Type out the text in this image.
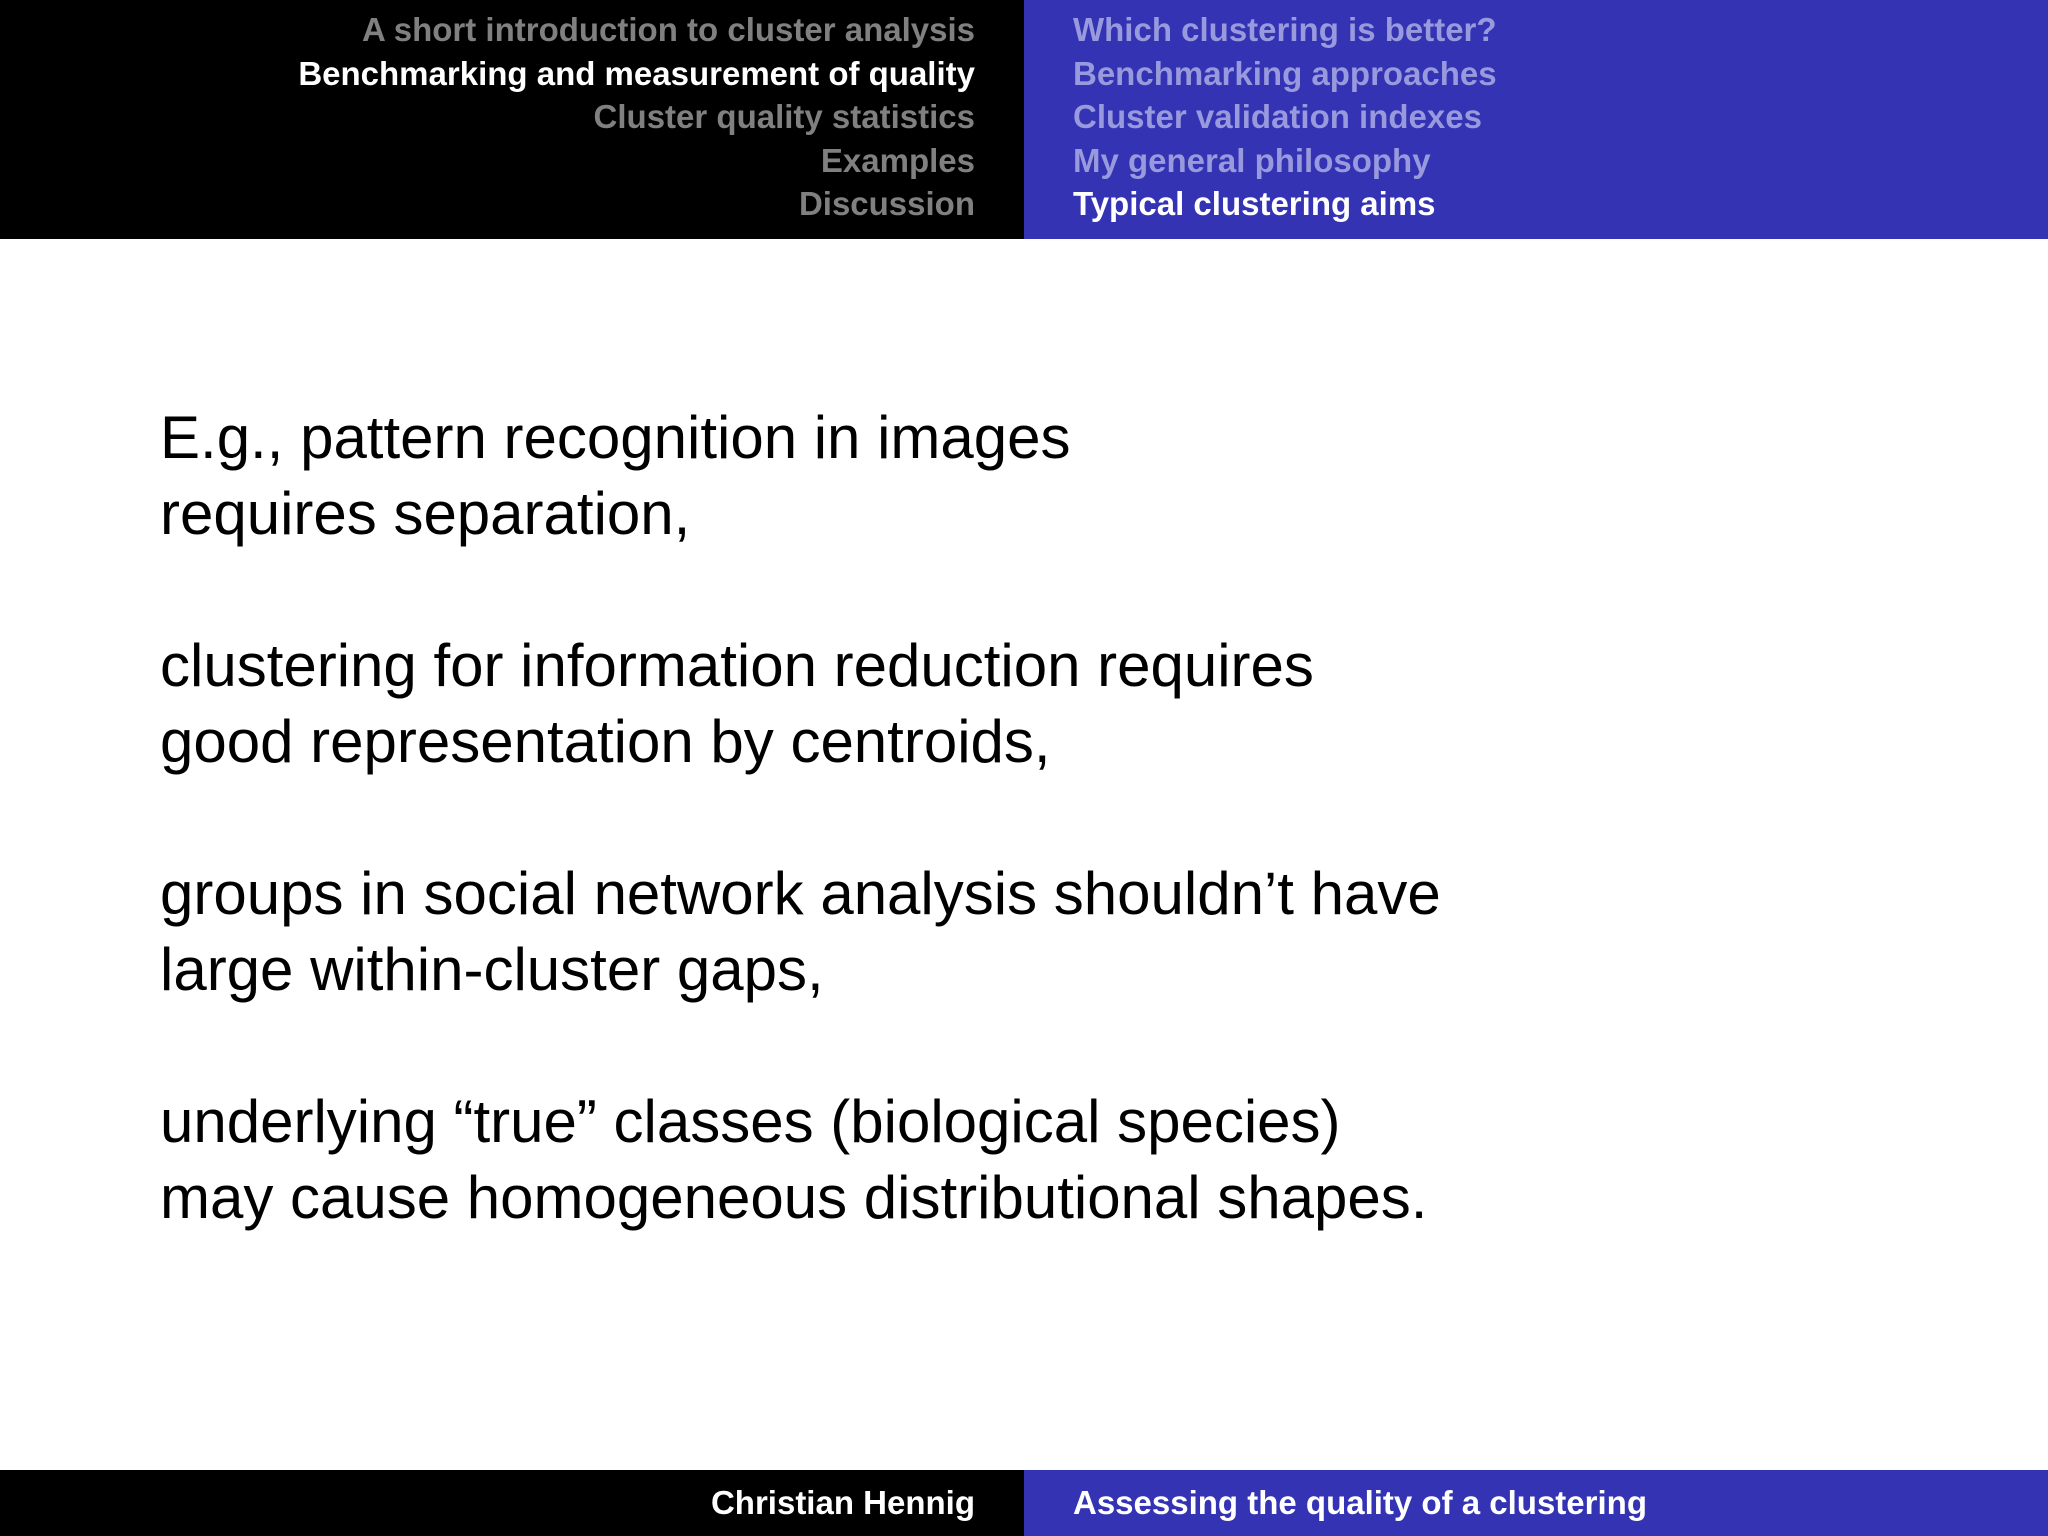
A short introduction to cluster analysis
Benchmarking and measurement of quality
Cluster quality statistics
Examples
Discussion
Which clustering is better?
Benchmarking approaches
Cluster validation indexes
My general philosophy
Typical clustering aims

E.g., pattern recognition in images
requires separation,

clustering for information reduction requires
good representation by centroids,

groups in social network analysis shouldn’t have
large within-cluster gaps,

underlying “true” classes (biological species)
may cause homogeneous distributional shapes.

Christian Hennig	Assessing the quality of a clustering
